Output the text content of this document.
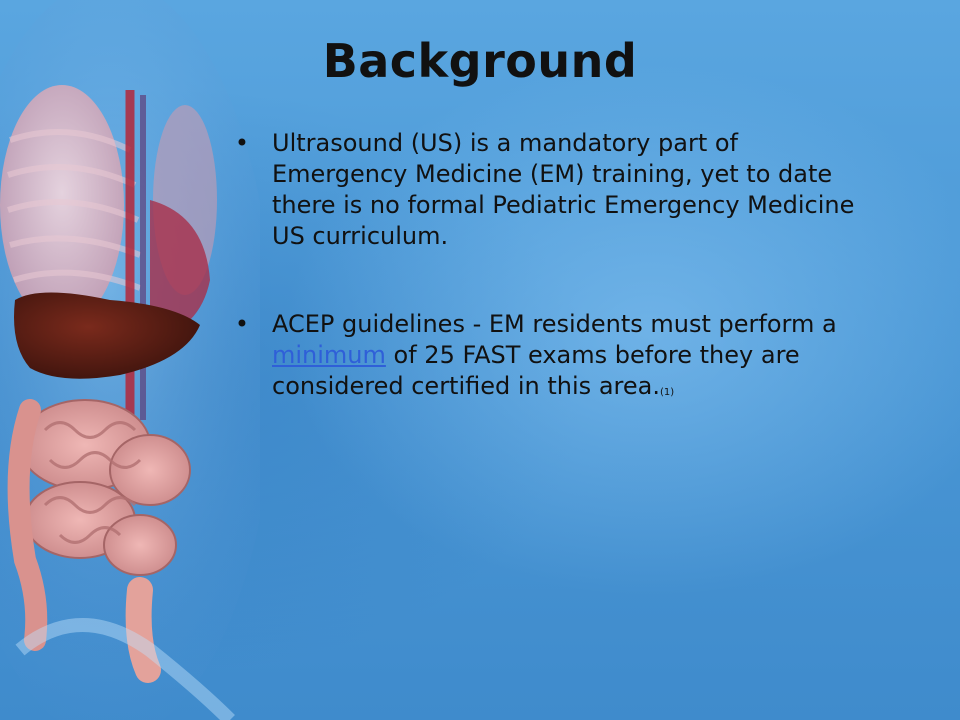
Background
• Ultrasound (US) is a mandatory part of Emergency Medicine (EM) training, yet to date there is no formal Pediatric Emergency Medicine US curriculum.
• ACEP guidelines - EM residents must perform a minimum of 25 FAST exams before they are considered certified in this area.(1)
